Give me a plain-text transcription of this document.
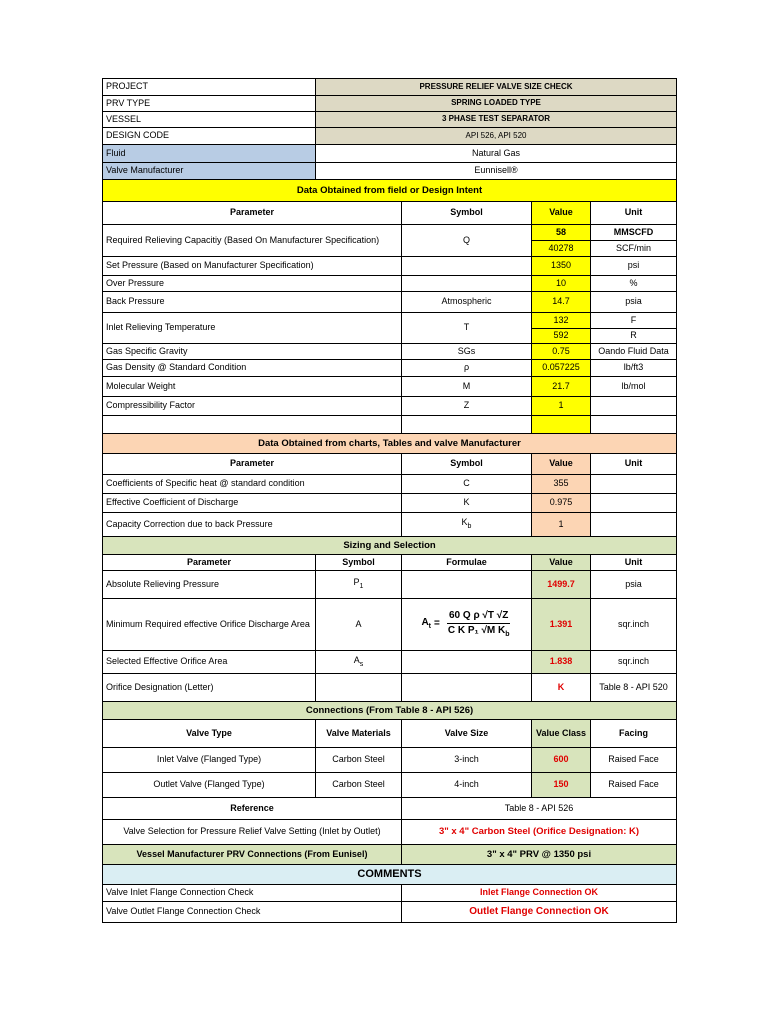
PROJECT	PRESSURE RELIEF VALVE SIZE CHECK			
PRV TYPE	SPRING LOADED TYPE			
VESSEL	3 PHASE TEST SEPARATOR			
DESIGN CODE	API 526, API 520			
Fluid	Natural Gas			
Valve Manufacturer	Eunnisell®			
Data Obtained from field or Design Intent				
Parameter		Symbol	Value	Unit
Required Relieving Capacitiy (Based On Manufacturer Specification)		Q	58	MMSCFD
			40278	SCF/min
Set Pressure (Based on Manufacturer Specification)			1350	psi
Over Pressure			10	%
Back Pressure		Atmospheric	14.7	psia
Inlet Relieving Temperature		T	132	F
			592	R
Gas Specific Gravity		SGs	0.75	Oando Fluid Data
Gas Density @ Standard Condition		ρ	0.057225	lb/ft3
Molecular Weight		M	21.7	lb/mol
Compressibility Factor		Z	1	

Data Obtained from charts, Tables and valve Manufacturer				
Parameter		Symbol	Value	Unit
Coefficients of Specific heat @ standard condition		C	355	
Effective Coefficient of Discharge		K	0.975	
Capacity Correction due to back Pressure		$K_b$	1	
Sizing and Selection				
Parameter	Symbol	Formulae	Value	Unit
Absolute Relieving Pressure	$P_1$		1499.7	psia
Minimum Required effective Orifice Discharge Area	A	$A_t = \frac{\text{60 Q ρ √T √Z}}{C K P_1 √M K_b}$	1.391	sqr.inch
Selected Effective Orifice Area	$A_s$		1.838	sqr.inch
Orifice Designation (Letter)			K	Table 8 - API 520
Connections (From Table 8 - API 526)				
Valve Type	Valve Materials	Valve Size	Value Class	Facing
Inlet Valve (Flanged Type)	Carbon Steel	3-inch	600	Raised Face
Outlet Valve (Flanged Type)	Carbon Steel	4-inch	150	Raised Face
Reference		Table 8 - API 526		
Valve Selection for Pressure Relief Valve Setting (Inlet by Outlet)		3" x 4" Carbon Steel (Orifice Designation: K)		
Vessel Manufacturer PRV Connections (From Eunisel)		3" x 4" PRV @ 1350 psi		
COMMENTS				
Valve Inlet Flange Connection Check		Inlet Flange Connection OK		
Valve Outlet Flange Connection Check		Outlet Flange Connection OK		
